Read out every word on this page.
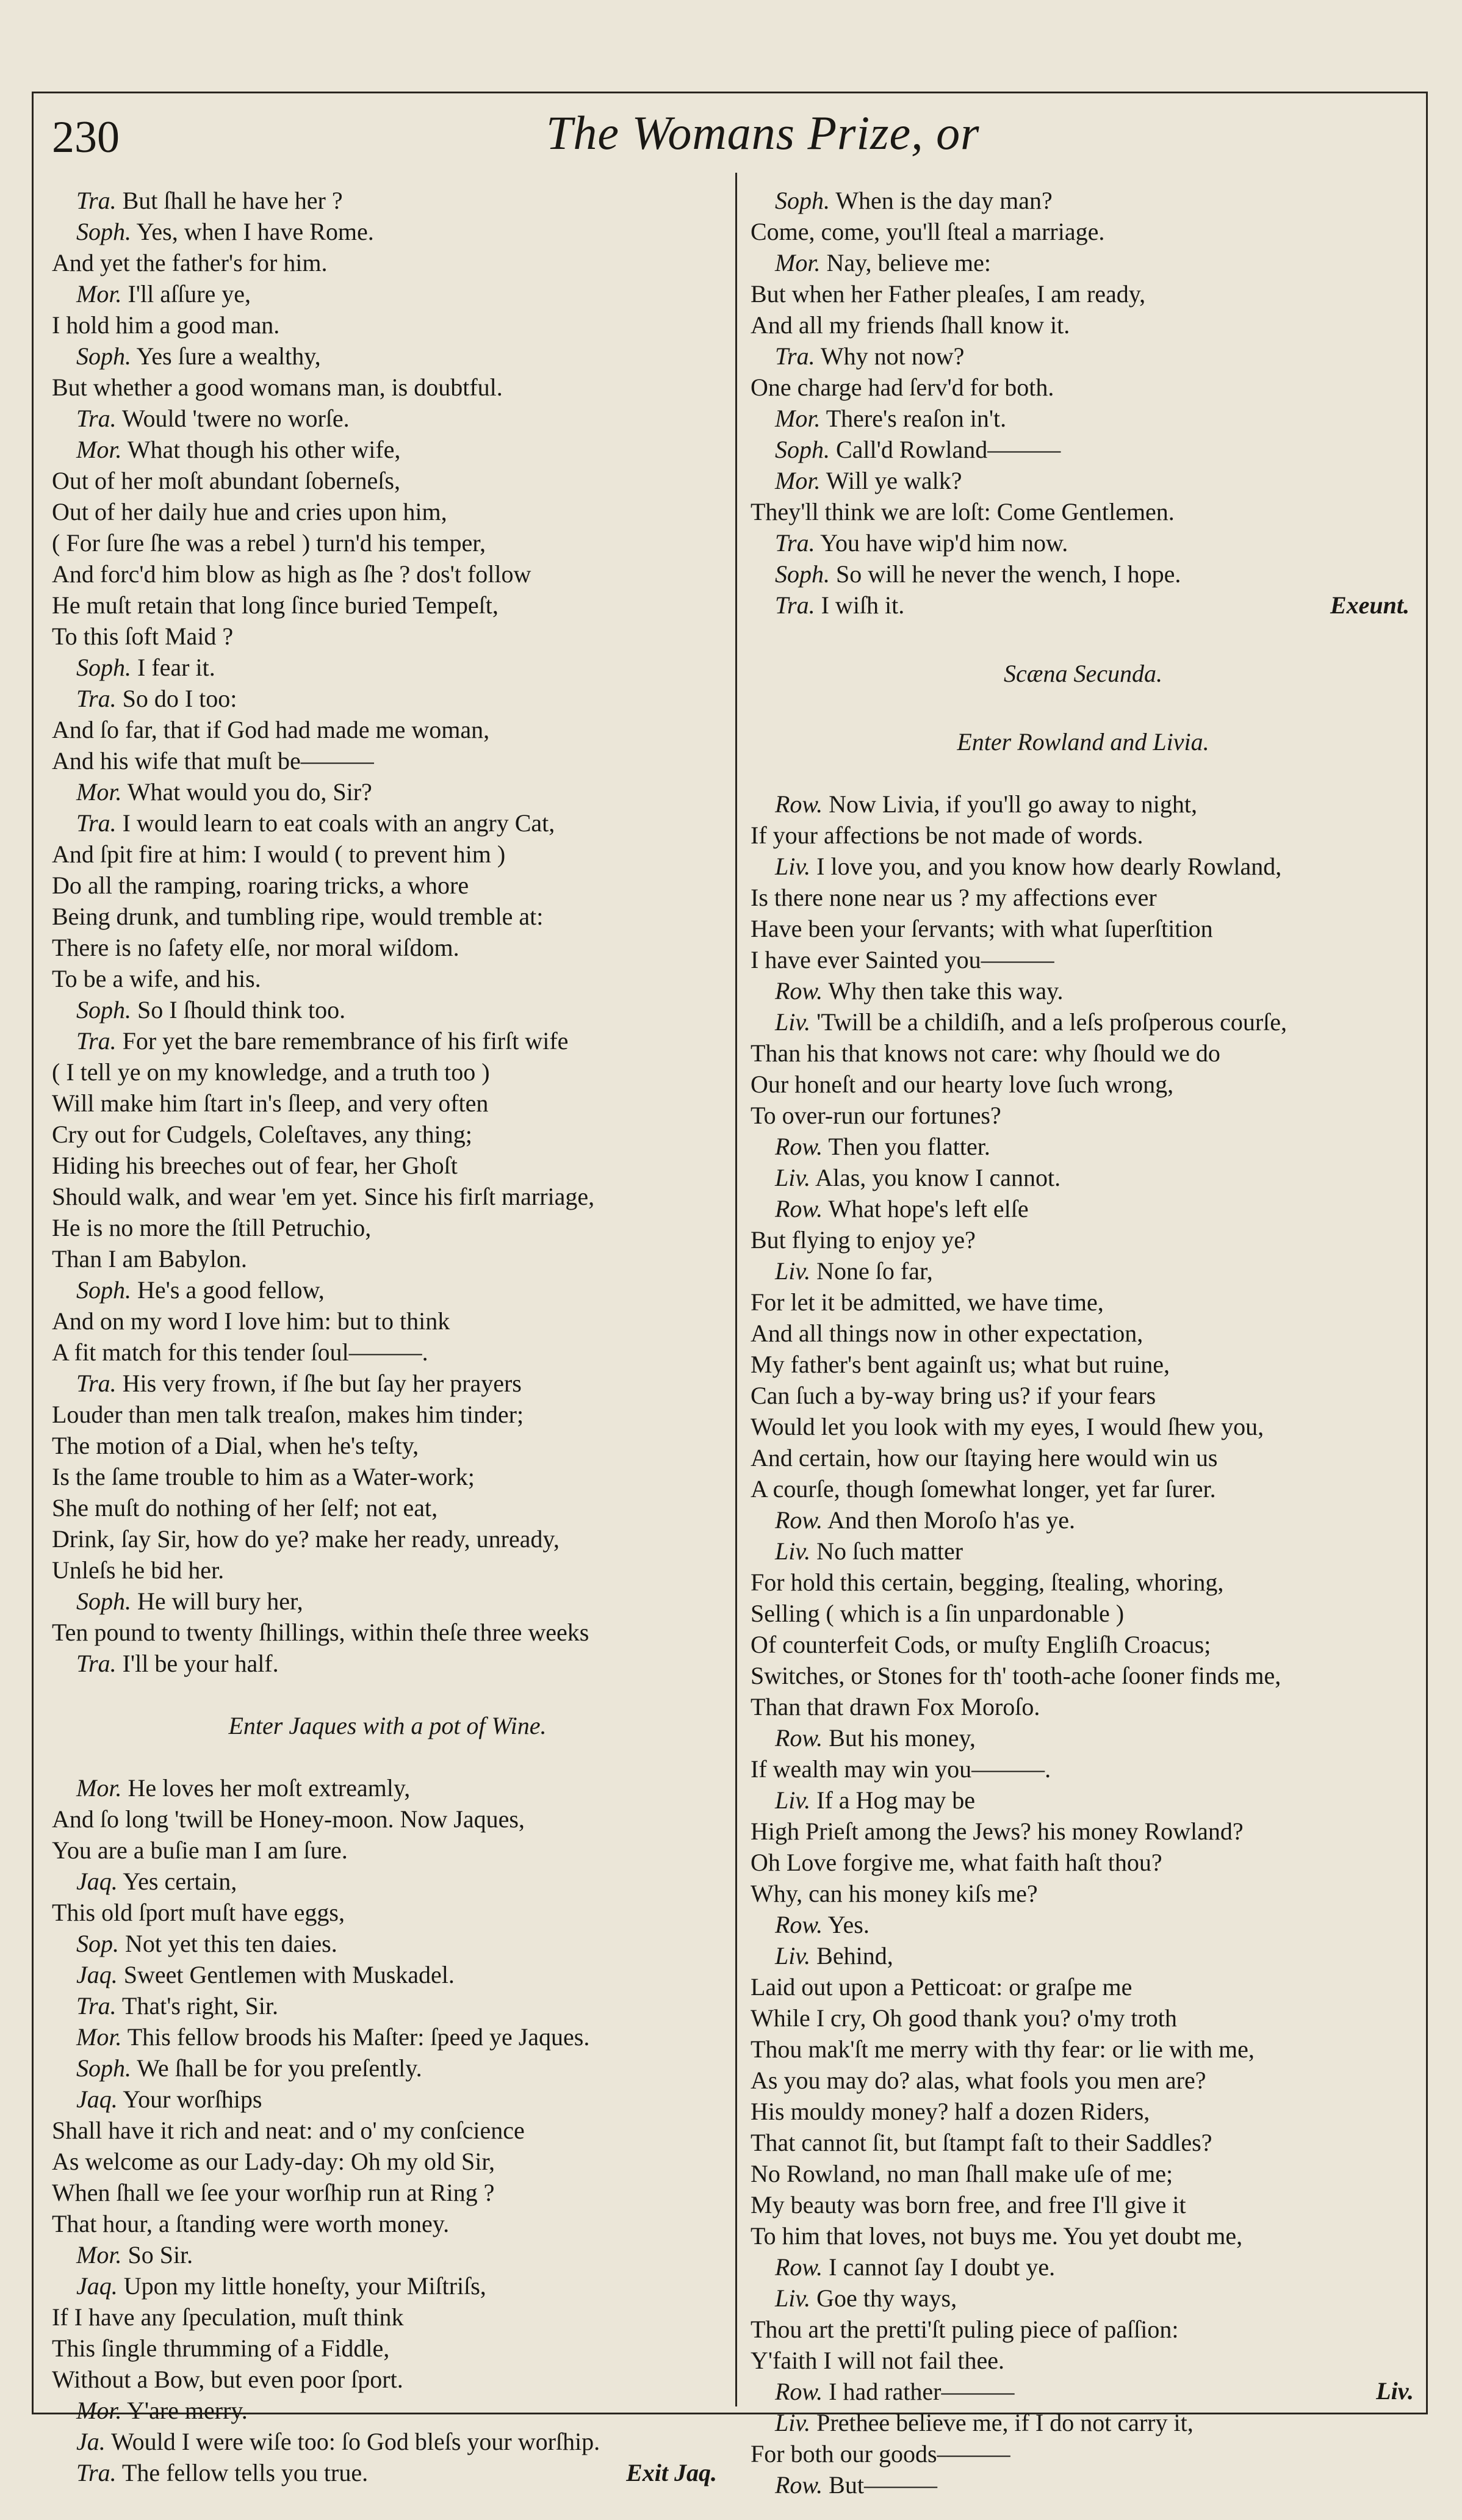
230	The Womans Prize, or
Tra. But ſhall he have her ?
Soph. Yes, when I have Rome.
And yet the father's for him.
Mor. I'll aſſure ye,
I hold him a good man.
Soph. Yes ſure a wealthy,
But whether a good womans man, is doubtful.
Tra. Would 'twere no worſe.
Mor. What though his other wife,
Out of her moſt abundant ſoberneſs,
Out of her daily hue and cries upon him,
( For ſure ſhe was a rebel ) turn'd his temper,
And forc'd him blow as high as ſhe ? dos't follow
He muſt retain that long ſince buried Tempeſt,
To this ſoft Maid ?
Soph. I fear it.
Tra. So do I too:
And ſo far, that if God had made me woman,
And his wife that muſt be———
Mor. What would you do, Sir?
Tra. I would learn to eat coals with an angry Cat,
And ſpit fire at him: I would ( to prevent him )
Do all the ramping, roaring tricks, a whore
Being drunk, and tumbling ripe, would tremble at:
There is no ſafety elſe, nor moral wiſdom.
To be a wife, and his.
Soph. So I ſhould think too.
Tra. For yet the bare remembrance of his firſt wife
( I tell ye on my knowledge, and a truth too )
Will make him ſtart in's ſleep, and very often
Cry out for Cudgels, Coleſtaves, any thing;
Hiding his breeches out of fear, her Ghoſt
Should walk, and wear 'em yet. Since his firſt marriage,
He is no more the ſtill Petruchio,
Than I am Babylon.
Soph. He's a good fellow,
And on my word I love him: but to think
A fit match for this tender ſoul———.
Tra. His very frown, if ſhe but ſay her prayers
Louder than men talk treaſon, makes him tinder;
The motion of a Dial, when he's teſty,
Is the ſame trouble to him as a Water-work;
She muſt do nothing of her ſelf; not eat,
Drink, ſay Sir, how do ye? make her ready, unready,
Unleſs he bid her.
Soph. He will bury her,
Ten pound to twenty ſhillings, within theſe three weeks
Tra. I'll be your half.
Enter Jaques with a pot of Wine.
Mor. He loves her moſt extreamly,
And ſo long 'twill be Honey-moon. Now Jaques,
You are a buſie man I am ſure.
Jaq. Yes certain,
This old ſport muſt have eggs,
Sop. Not yet this ten daies.
Jaq. Sweet Gentlemen with Muskadel.
Tra. That's right, Sir.
Mor. This fellow broods his Maſter: ſpeed ye Jaques.
Soph. We ſhall be for you preſently.
Jaq. Your worſhips
Shall have it rich and neat: and o' my conſcience
As welcome as our Lady-day: Oh my old Sir,
When ſhall we ſee your worſhip run at Ring ?
That hour, a ſtanding were worth money.
Mor. So Sir.
Jaq. Upon my little honeſty, your Miſtriſs,
If I have any ſpeculation, muſt think
This ſingle thrumming of a Fiddle,
Without a Bow, but even poor ſport.
Mor. Y'are merry.
Ja. Would I were wiſe too: ſo God bleſs your worſhip.
Tra. The fellow tells you true.	Exit Jaq.
Soph. When is the day man?
Come, come, you'll ſteal a marriage.
Mor. Nay, believe me:
But when her Father pleaſes, I am ready,
And all my friends ſhall know it.
Tra. Why not now?
One charge had ſerv'd for both.
Mor. There's reaſon in't.
Soph. Call'd Rowland———
Mor. Will ye walk?
They'll think we are loſt: Come Gentlemen.
Tra. You have wip'd him now.
Soph. So will he never the wench, I hope.
Tra. I wiſh it.	Exeunt.
Scæna Secunda.
Enter Rowland and Livia.
Row. Now Livia, if you'll go away to night,
If your affections be not made of words.
Liv. I love you, and you know how dearly Rowland,
Is there none near us ? my affections ever
Have been your ſervants; with what ſuperſtition
I have ever Sainted you———
Row. Why then take this way.
Liv. 'Twill be a childiſh, and a leſs proſperous courſe,
Than his that knows not care: why ſhould we do
Our honeſt and our hearty love ſuch wrong,
To over-run our fortunes?
Row. Then you flatter.
Liv. Alas, you know I cannot.
Row. What hope's left elſe
But flying to enjoy ye?
Liv. None ſo far,
For let it be admitted, we have time,
And all things now in other expectation,
My father's bent againſt us; what but ruine,
Can ſuch a by-way bring us? if your fears
Would let you look with my eyes, I would ſhew you,
And certain, how our ſtaying here would win us
A courſe, though ſomewhat longer, yet far ſurer.
Row. And then Moroſo h'as ye.
Liv. No ſuch matter
For hold this certain, begging, ſtealing, whoring,
Selling ( which is a ſin unpardonable )
Of counterfeit Cods, or muſty Engliſh Croacus;
Switches, or Stones for th' tooth-ache ſooner finds me,
Than that drawn Fox Moroſo.
Row. But his money,
If wealth may win you———.
Liv. If a Hog may be
High Prieſt among the Jews? his money Rowland?
Oh Love forgive me, what faith haſt thou?
Why, can his money kiſs me?
Row. Yes.
Liv. Behind,
Laid out upon a Petticoat: or graſpe me
While I cry, Oh good thank you? o'my troth
Thou mak'ſt me merry with thy fear: or lie with me,
As you may do? alas, what fools you men are?
His mouldy money? half a dozen Riders,
That cannot ſit, but ſtampt faſt to their Saddles?
No Rowland, no man ſhall make uſe of me;
My beauty was born free, and free I'll give it
To him that loves, not buys me. You yet doubt me,
Row. I cannot ſay I doubt ye.
Liv. Goe thy ways,
Thou art the pretti'ſt puling piece of paſſion:
Y'faith I will not fail thee.
Row. I had rather———
Liv. Prethee believe me, if I do not carry it,
For both our goods———
Row. But———
Liv.
